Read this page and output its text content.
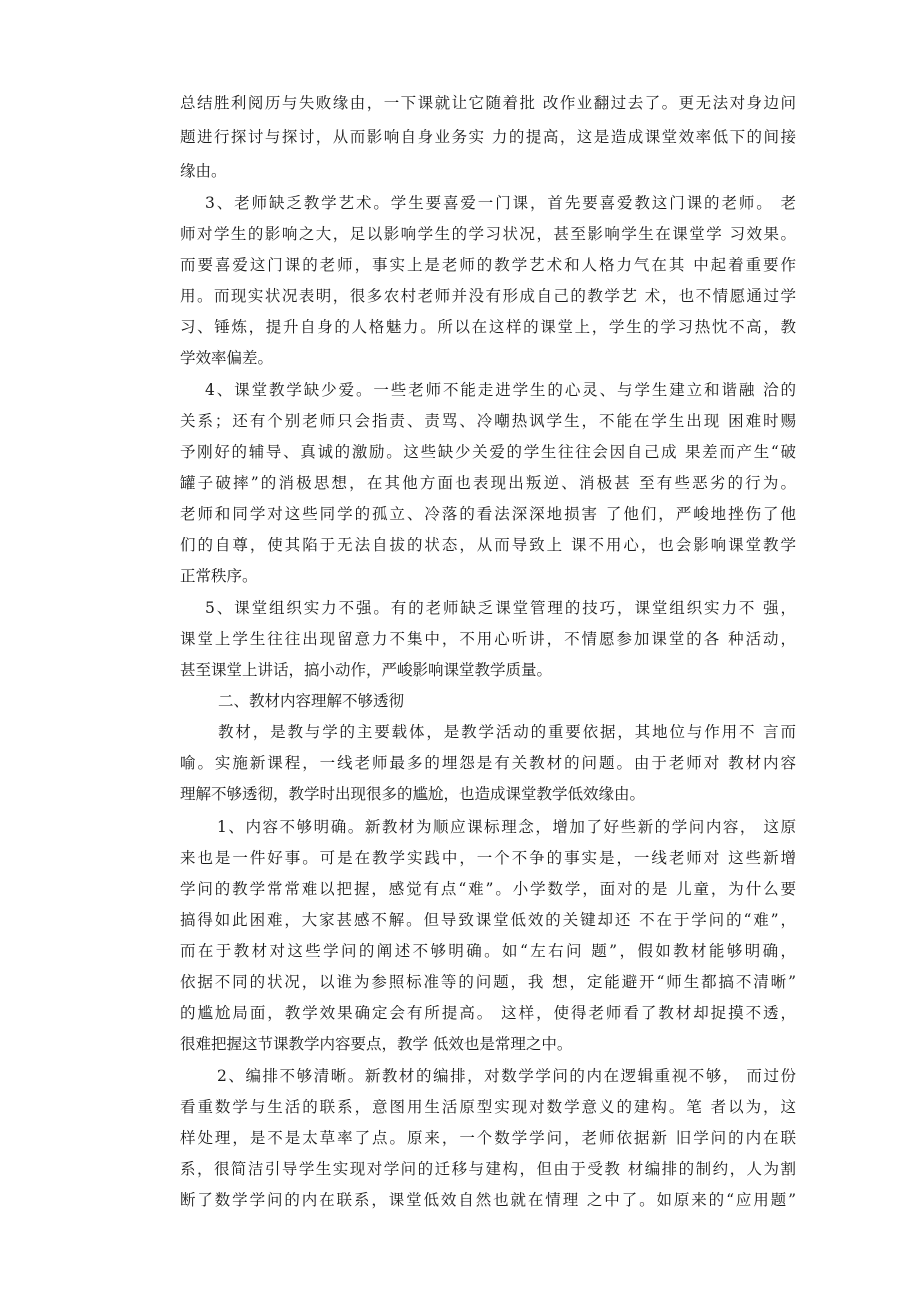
总结胜利阅历与失败缘由，一下课就让它随着批 改作业翻过去了。更无法对身边问
题进行探讨与探讨，从而影响自身业务实 力的提高，这是造成课堂效率低下的间接
缘由。
3、老师缺乏教学艺术。学生要喜爱一门课，首先要喜爱教这门课的老师。 老
师对学生的影响之大，足以影响学生的学习状况，甚至影响学生在课堂学 习效果。
而要喜爱这门课的老师，事实上是老师的教学艺术和人格力气在其 中起着重要作
用。而现实状况表明，很多农村老师并没有形成自己的教学艺 术，也不情愿通过学
习、锤炼，提升自身的人格魅力。所以在这样的课堂上，学生的学习热忱不高，教
学效率偏差。
4、课堂教学缺少爱。一些老师不能走进学生的心灵、与学生建立和谐融 洽的
关系；还有个别老师只会指责、责骂、冷嘲热讽学生，不能在学生出现 困难时赐
予刚好的辅导、真诚的激励。这些缺少关爱的学生往往会因自己成 果差而产生“破
罐子破摔”的消极思想，在其他方面也表现出叛逆、消极甚 至有些恶劣的行为。
老师和同学对这些同学的孤立、冷落的看法深深地损害 了他们，严峻地挫伤了他
们的自尊，使其陷于无法自拔的状态，从而导致上 课不用心，也会影响课堂教学
正常秩序。
5、课堂组织实力不强。有的老师缺乏课堂管理的技巧，课堂组织实力不 强，
课堂上学生往往出现留意力不集中，不用心听讲，不情愿参加课堂的各 种活动，
甚至课堂上讲话，搞小动作，严峻影响课堂教学质量。
二、教材内容理解不够透彻
教材，是教与学的主要载体，是教学活动的重要依据，其地位与作用不 言而
喻。实施新课程，一线老师最多的埋怨是有关教材的问题。由于老师对 教材内容
理解不够透彻，教学时出现很多的尴尬，也造成课堂教学低效缘由。
1、内容不够明确。新教材为顺应课标理念，增加了好些新的学问内容， 这原
来也是一件好事。可是在教学实践中，一个不争的事实是，一线老师对 这些新增
学问的教学常常难以把握，感觉有点“难”。小学数学，面对的是 儿童，为什么要
搞得如此困难，大家甚感不解。但导致课堂低效的关键却还 不在于学问的“难”，
而在于教材对这些学问的阐述不够明确。如“左右问 题”，假如教材能够明确，
依据不同的状况，以谁为参照标准等的问题，我 想，定能避开“师生都搞不清晰”
的尴尬局面，教学效果确定会有所提高。 这样，使得老师看了教材却捉摸不透，
很难把握这节课教学内容要点，教学 低效也是常理之中。
2、编排不够清晰。新教材的编排，对数学学问的内在逻辑重视不够， 而过份
看重数学与生活的联系，意图用生活原型实现对数学意义的建构。笔 者以为，这
样处理，是不是太草率了点。原来，一个数学学问，老师依据新 旧学问的内在联
系，很简洁引导学生实现对学问的迁移与建构，但由于受教 材编排的制约，人为割
断了数学学问的内在联系，课堂低效自然也就在情理 之中了。如原来的“应用题”
